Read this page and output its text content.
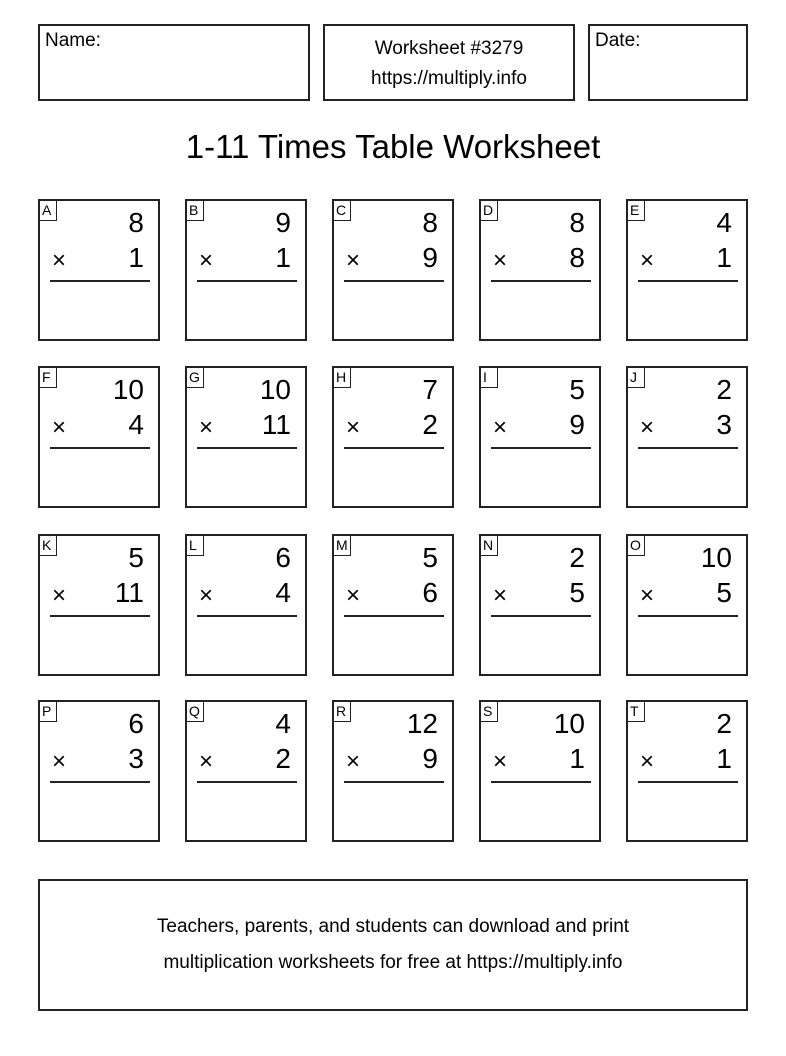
Name:	Worksheet #3279
https://multiply.info
Date:
1-11 Times Table Worksheet
A	8
× 1
B	9
× 1
C	8
× 9
D	8
× 8
E	4
× 1
F 10
× 4
G 10
× 11
H	7
× 2
I	5
× 9
J	2
× 3
K	5
× 11
L	6
× 4
M	5
× 6
N	2
× 5
O 10
× 5
P	6
× 3
Q	4
× 2
R 12
× 9
S 10
× 1
T	2
× 1
Teachers, parents, and students can download and print
multiplication worksheets for free at https://multiply.info
